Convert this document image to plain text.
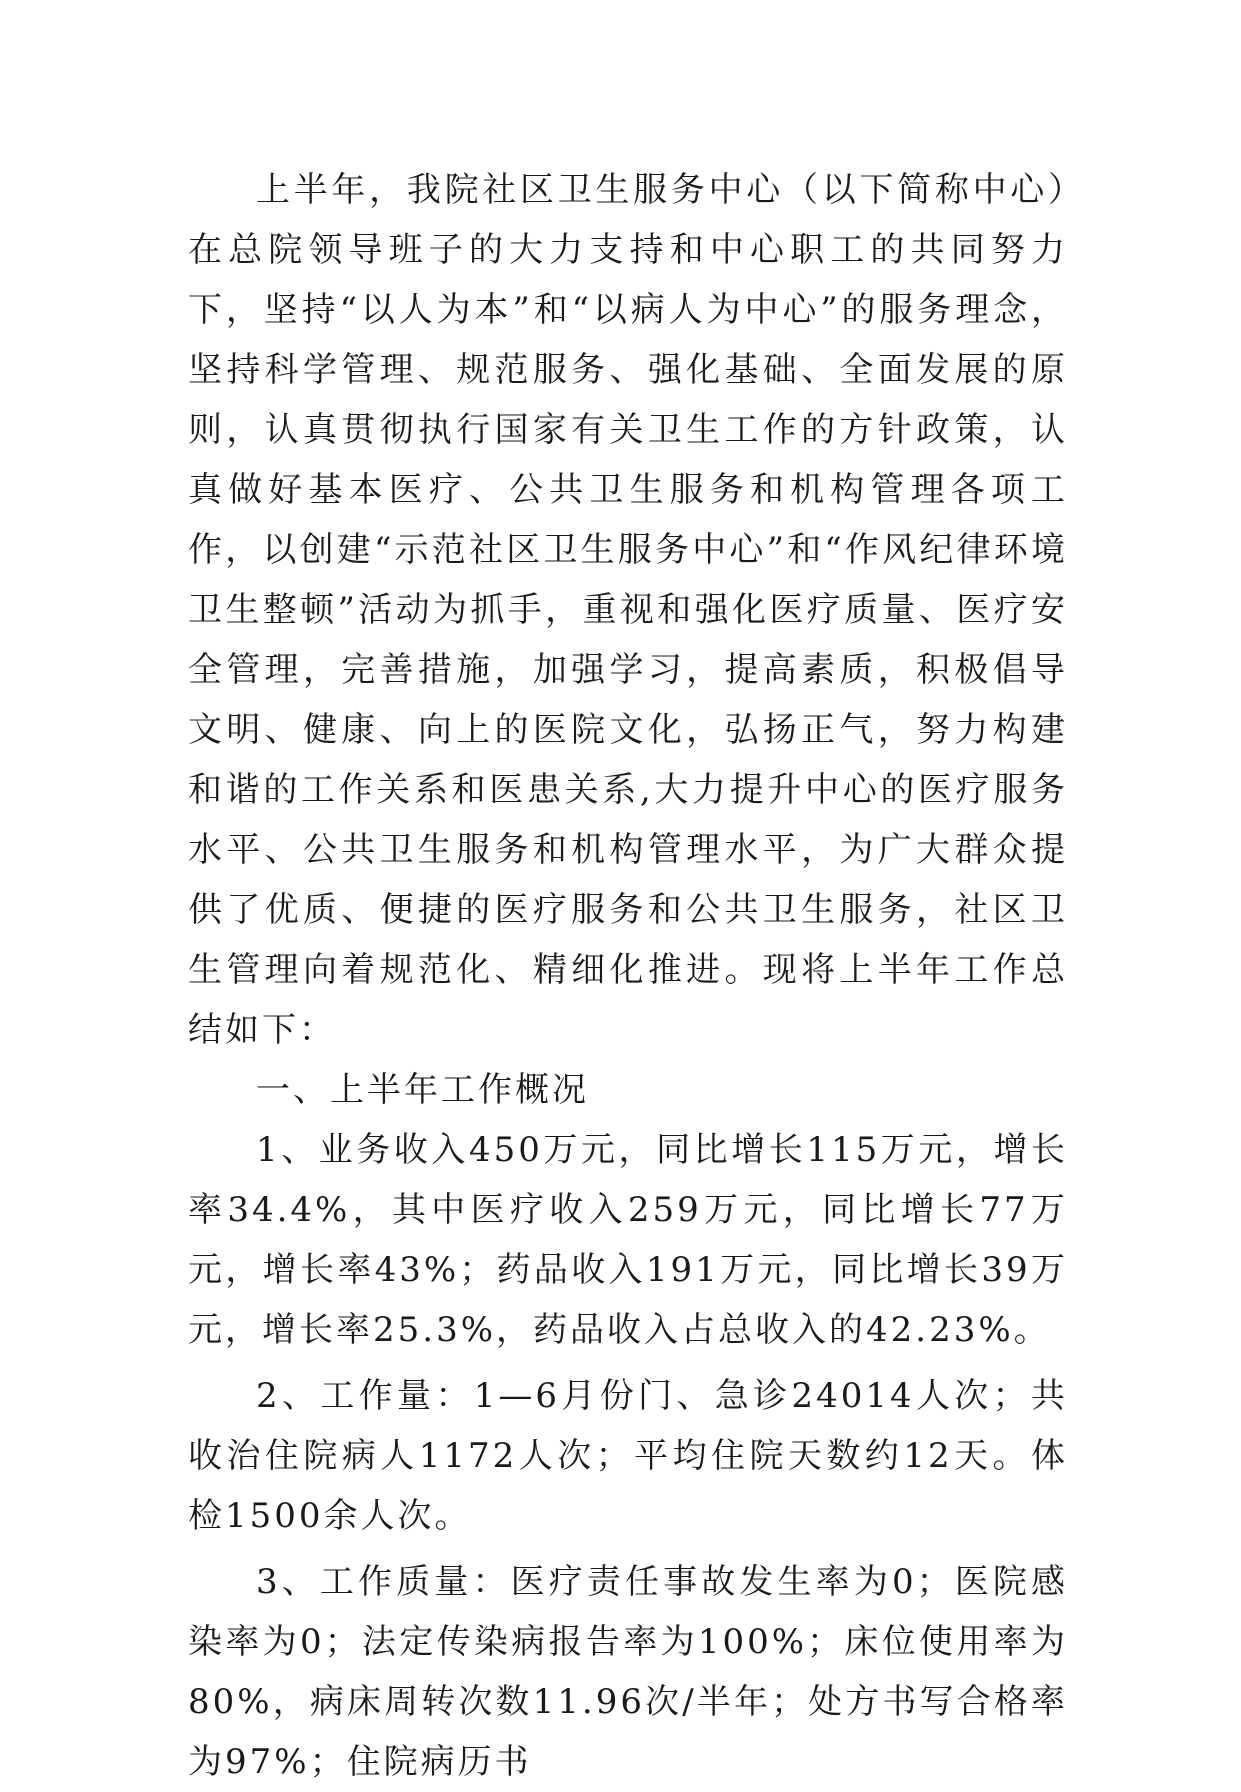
上半年，我院社区卫生服务中心（以下简称中心）在总院领导班子的大力支持和中心职工的共同努力下，坚持“以人为本”和“以病人为中心”的服务理念，坚持科学管理、规范服务、强化基础、全面发展的原则，认真贯彻执行国家有关卫生工作的方针政策，认真做好基本医疗、公共卫生服务和机构管理各项工作，以创建“示范社区卫生服务中心”和“作风纪律环境卫生整顿”活动为抓手，重视和强化医疗质量、医疗安全管理，完善措施，加强学习，提高素质，积极倡导文明、健康、向上的医院文化，弘扬正气，努力构建和谐的工作关系和医患关系,大力提升中心的医疗服务水平、公共卫生服务和机构管理水平，为广大群众提供了优质、便捷的医疗服务和公共卫生服务，社区卫生管理向着规范化、精细化推进。现将上半年工作总结如下：

一、上半年工作概况

1、业务收入450万元，同比增长115万元，增长率34.4%，其中医疗收入259万元，同比增长77万元，增长率43%；药品收入191万元，同比增长39万元，增长率25.3%，药品收入占总收入的42.23%。

2、工作量：1—6月份门、急诊24014人次；共收治住院病人1172人次；平均住院天数约12天。体检1500余人次。

3、工作质量：医疗责任事故发生率为0；医院感染率为0；法定传染病报告率为100%；床位使用率为80%，病床周转次数11.96次/半年；处方书写合格率为97%；住院病历书
